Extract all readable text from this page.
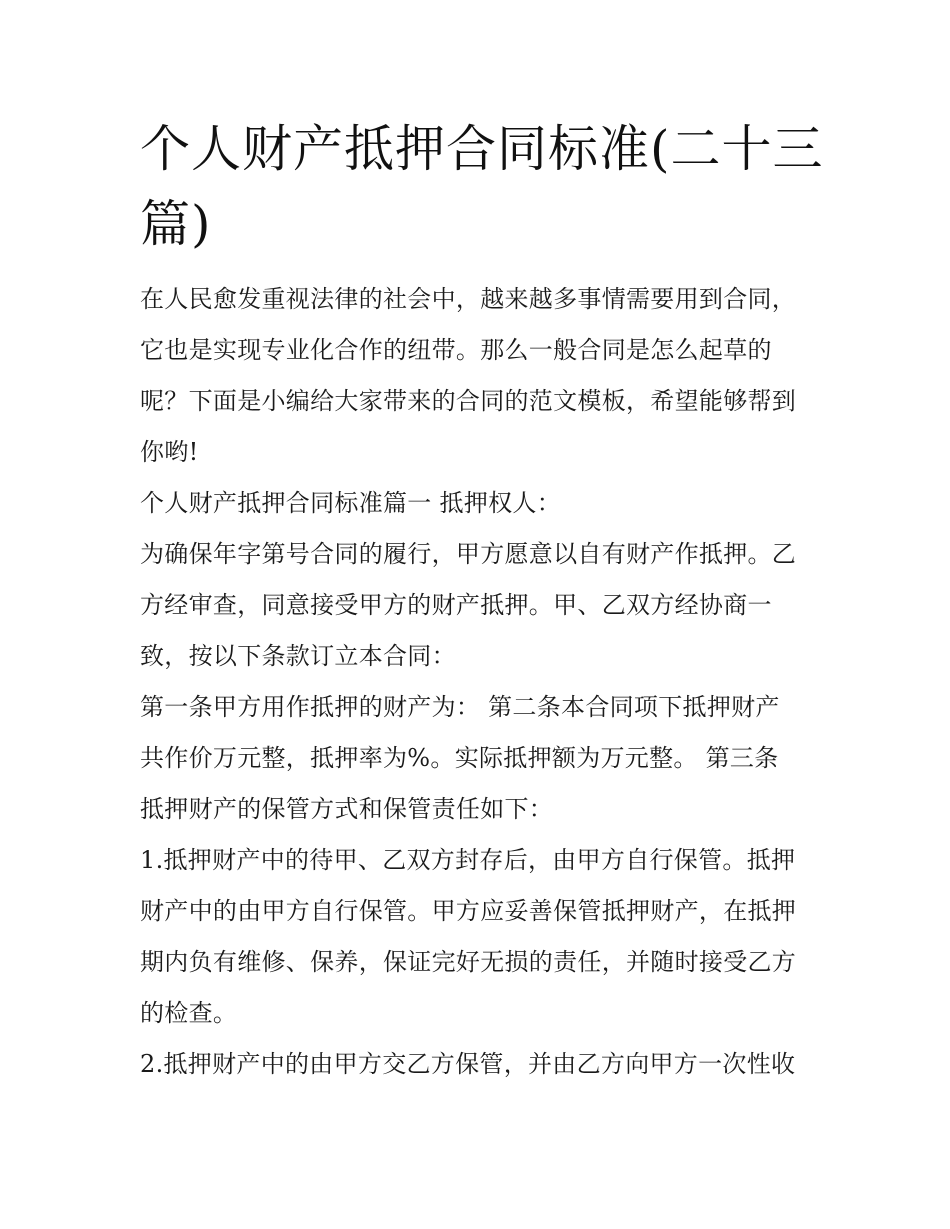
个人财产抵押合同标准(二十三
篇)

在人民愈发重视法律的社会中，越来越多事情需要用到合同，
它也是实现专业化合作的纽带。那么一般合同是怎么起草的
呢？下面是小编给大家带来的合同的范文模板，希望能够帮到
你哟!

个人财产抵押合同标准篇一 抵押权人：

为确保年字第号合同的履行，甲方愿意以自有财产作抵押。乙
方经审查，同意接受甲方的财产抵押。甲、乙双方经协商一
致，按以下条款订立本合同：

第一条甲方用作抵押的财产为： 第二条本合同项下抵押财产
共作价万元整，抵押率为%。实际抵押额为万元整。 第三条
抵押财产的保管方式和保管责任如下：

1.抵押财产中的待甲、乙双方封存后，由甲方自行保管。抵押
财产中的由甲方自行保管。甲方应妥善保管抵押财产，在抵押
期内负有维修、保养，保证完好无损的责任，并随时接受乙方
的检查。

2.抵押财产中的由甲方交乙方保管，并由乙方向甲方一次性收
